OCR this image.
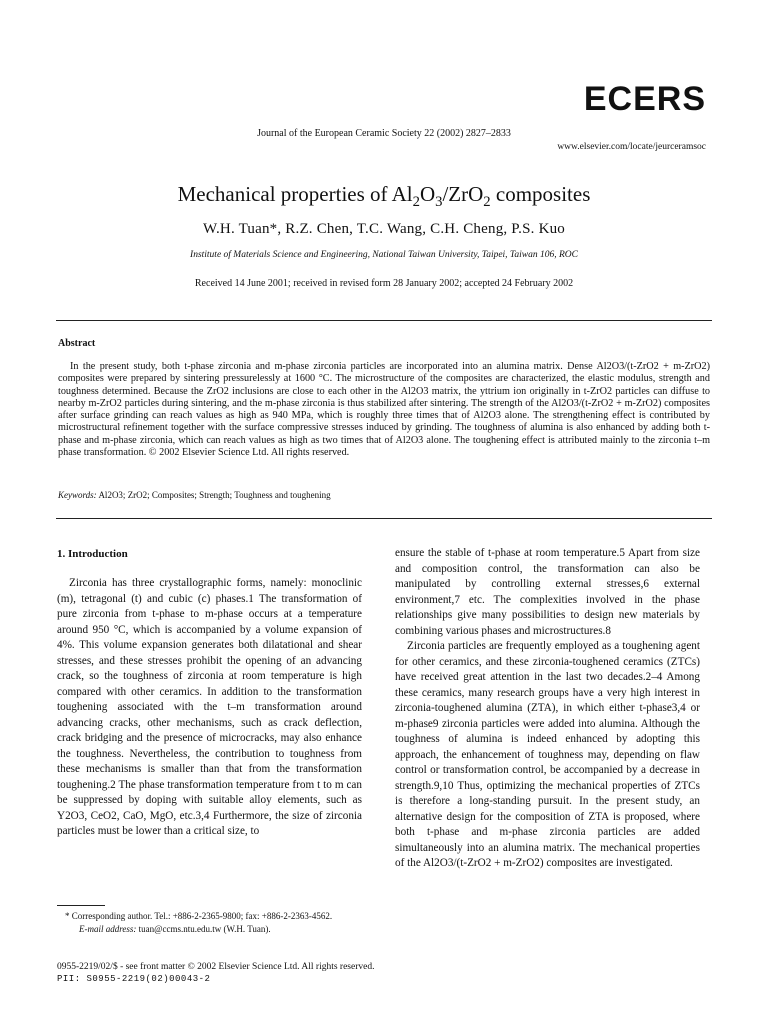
ECERS
Journal of the European Ceramic Society 22 (2002) 2827–2833
www.elsevier.com/locate/jeurceramsoc
Mechanical properties of $Al_2O_3/ZrO_2$ composites
W.H. Tuan*, R.Z. Chen, T.C. Wang, C.H. Cheng, P.S. Kuo
Institute of Materials Science and Engineering, National Taiwan University, Taipei, Taiwan 106, ROC
Received 14 June 2001; received in revised form 28 January 2002; accepted 24 February 2002
Abstract

In the present study, both t-phase zirconia and m-phase zirconia particles are incorporated into an alumina matrix. Dense Al2O3/(t-ZrO2 + m-ZrO2) composites were prepared by sintering pressurelessly at 1600 °C. The microstructure of the composites are characterized, the elastic modulus, strength and toughness determined. Because the ZrO2 inclusions are close to each other in the Al2O3 matrix, the yttrium ion originally in t-ZrO2 particles can diffuse to nearby m-ZrO2 particles during sintering, and the m-phase zirconia is thus stabilized after sintering. The strength of the Al2O3/(t-ZrO2 + m-ZrO2) composites after surface grinding can reach values as high as 940 MPa, which is roughly three times that of Al2O3 alone. The strengthening effect is contributed by microstructural refinement together with the surface compressive stresses induced by grinding. The toughness of alumina is also enhanced by adding both t-phase and m-phase zirconia, which can reach values as high as two times that of Al2O3 alone. The toughening effect is attributed mainly to the zirconia t–m phase transformation. © 2002 Elsevier Science Ltd. All rights reserved.

Keywords: Al2O3; ZrO2; Composites; Strength; Toughness and toughening
1. Introduction

Zirconia has three crystallographic forms, namely: monoclinic (m), tetragonal (t) and cubic (c) phases.1 The transformation of pure zirconia from t-phase to m-phase occurs at a temperature around 950 °C, which is accompanied by a volume expansion of 4%. This volume expansion generates both dilatational and shear stresses, and these stresses prohibit the opening of an advancing crack, so the toughness of zirconia at room temperature is high compared with other ceramics. In addition to the transformation toughening associated with the t–m transformation around advancing cracks, other mechanisms, such as crack deflection, crack bridging and the presence of microcracks, may also enhance the toughness. Nevertheless, the contribution to toughness from these mechanisms is smaller than that from the transformation toughening.2 The phase transformation temperature from t to m can be suppressed by doping with suitable alloy elements, such as Y2O3, CeO2, CaO, MgO, etc.3,4 Furthermore, the size of zirconia particles must be lower than a critical size, to

ensure the stable of t-phase at room temperature.5 Apart from size and composition control, the transformation can also be manipulated by controlling external stresses,6 external environment,7 etc. The complexities involved in the phase relationships give many possibilities to design new materials by combining various phases and microstructures.8

Zirconia particles are frequently employed as a toughening agent for other ceramics, and these zirconia-toughened ceramics (ZTCs) have received great attention in the last two decades.2–4 Among these ceramics, many research groups have a very high interest in zirconia-toughened alumina (ZTA), in which either t-phase3,4 or m-phase9 zirconia particles were added into alumina. Although the toughness of alumina is indeed enhanced by adopting this approach, the enhancement of toughness may, depending on flaw control or transformation control, be accompanied by a decrease in strength.9,10 Thus, optimizing the mechanical properties of ZTCs is therefore a long-standing pursuit. In the present study, an alternative design for the composition of ZTA is proposed, where both t-phase and m-phase zirconia particles are added simultaneously into an alumina matrix. The mechanical properties of the Al2O3/(t-ZrO2 + m-ZrO2) composites are investigated.

* Corresponding author. Tel.: +886-2-2365-9800; fax: +886-2-2363-4562.

E-mail address: tuan@ccms.ntu.edu.tw (W.H. Tuan).

0955-2219/02/$ - see front matter © 2002 Elsevier Science Ltd. All rights reserved.
PII: S0955-2219(02)00043-2
